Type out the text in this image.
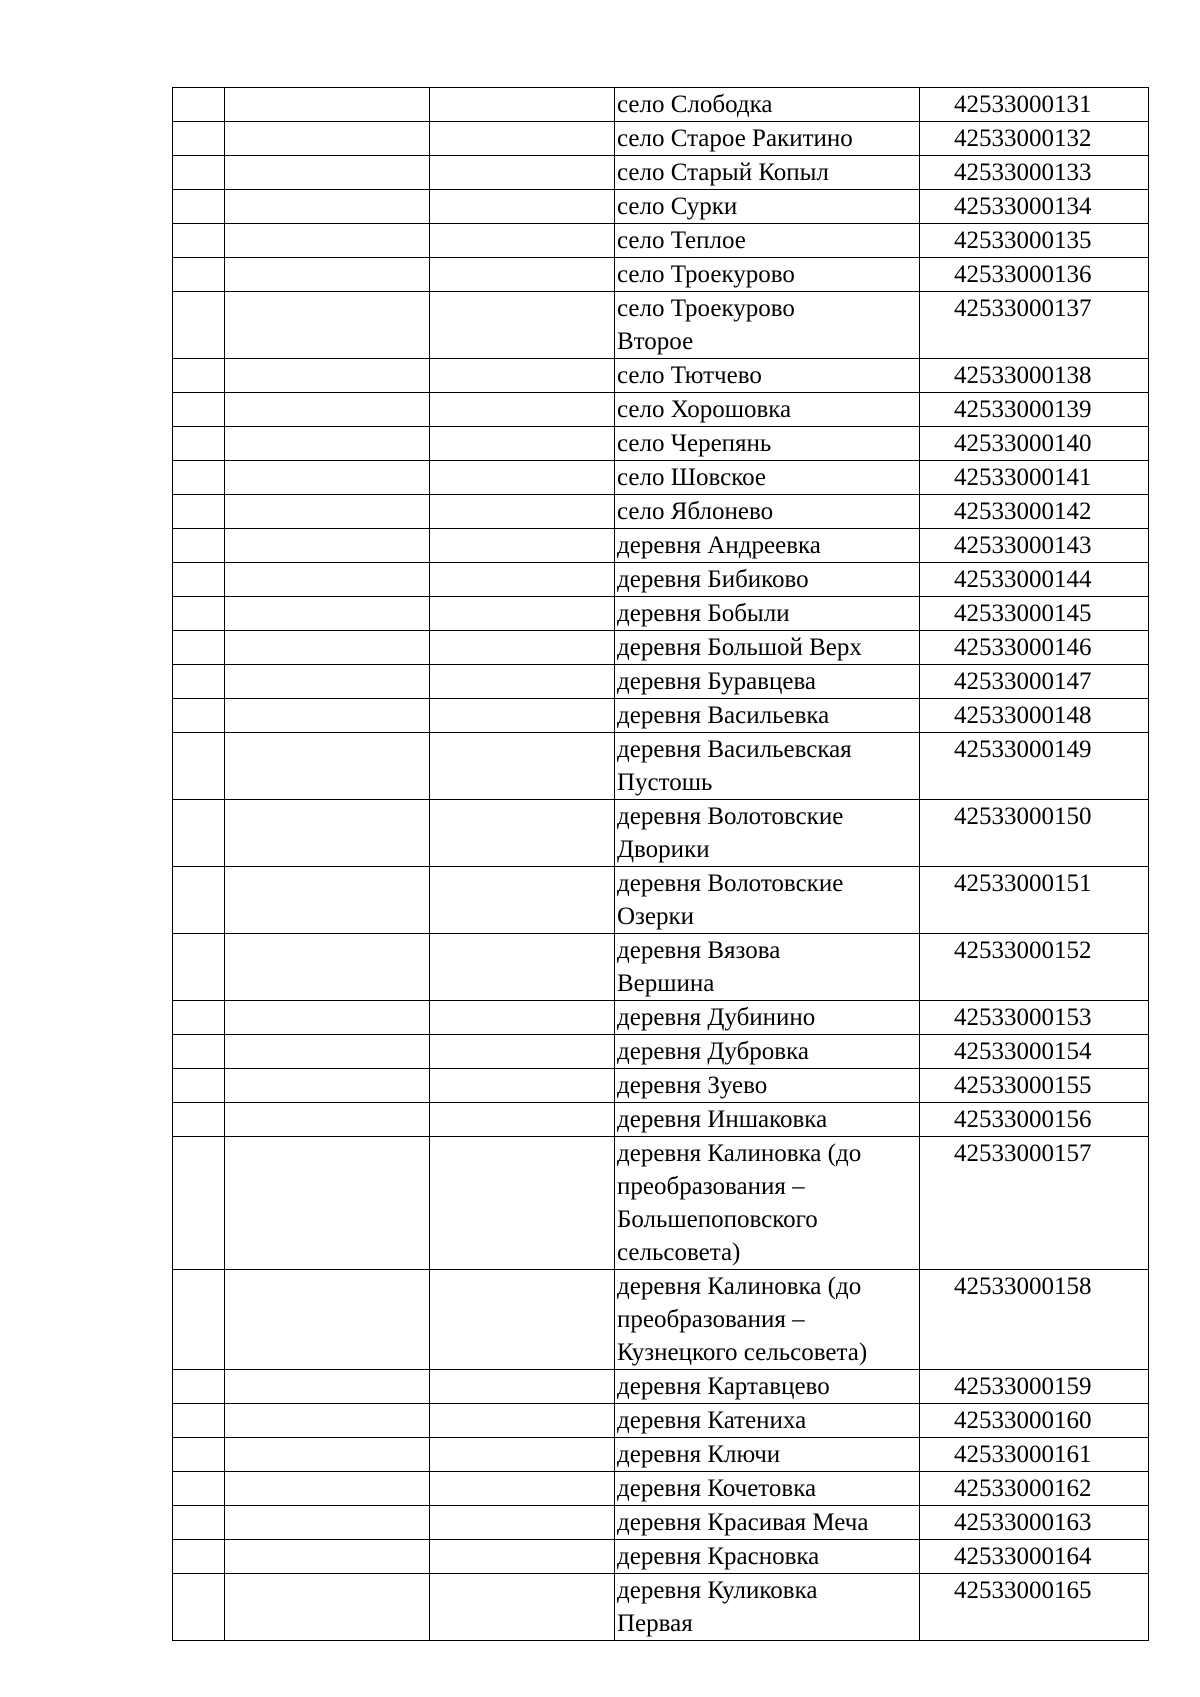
			село Слободка	42533000131

			село Старое Ракитино	42533000132

			село Старый Копыл	42533000133

			село Сурки	42533000134

			село Теплое	42533000135

			село Троекурово	42533000136

			село Троекурово
Второе	42533000137

			село Тютчево	42533000138

			село Хорошовка	42533000139

			село Черепянь	42533000140

			село Шовское	42533000141

			село Яблонево	42533000142

			деревня Андреевка	42533000143

			деревня Бибиково	42533000144

			деревня Бобыли	42533000145

			деревня Большой Верх	42533000146

			деревня Буравцева	42533000147

			деревня Васильевка	42533000148

			деревня Васильевская
Пустошь	42533000149

			деревня Волотовские
Дворики	42533000150

			деревня Волотовские
Озерки	42533000151

			деревня Вязова
Вершина	42533000152

			деревня Дубинино	42533000153

			деревня Дубровка	42533000154

			деревня Зуево	42533000155

			деревня Иншаковка	42533000156

			деревня Калиновка (до
преобразования –
Большепоповского
сельсовета)	42533000157

			деревня Калиновка (до
преобразования –
Кузнецкого сельсовета)	42533000158

			деревня Картавцево	42533000159

			деревня Катениха	42533000160

			деревня Ключи	42533000161

			деревня Кочетовка	42533000162

			деревня Красивая Меча	42533000163

			деревня Красновка	42533000164

			деревня Куликовка
Первая	42533000165
